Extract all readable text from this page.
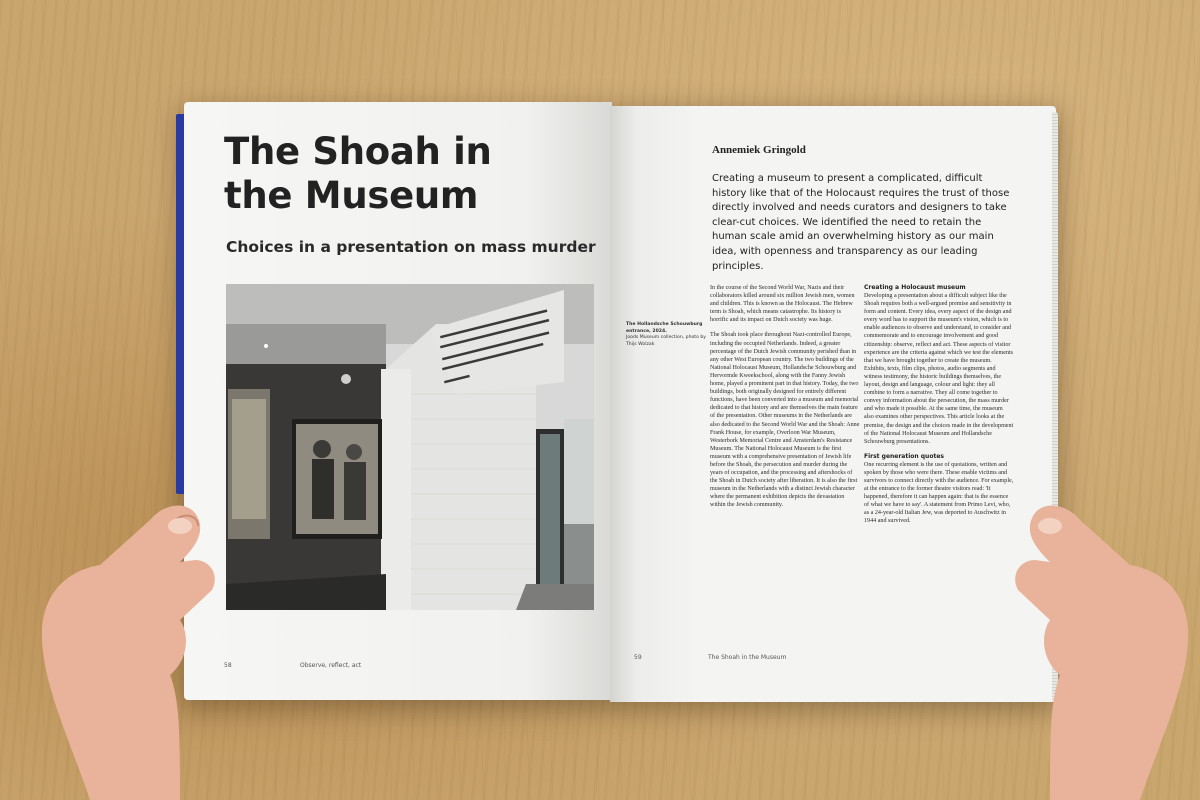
The Shoah in
the Museum
Choices in a presentation on mass murder
58	Observe, reflect, act
The Hollandsche Schouwburg entrance, 2024.
Joods Museum collection, photo by Thijs Wolzak
Annemiek Gringold

Creating a museum to present a complicated, difficult history like that of the Holocaust requires the trust of those directly involved and needs curators and designers to take clear-cut choices. We identified the need to retain the human scale amid an overwhelming history as our main idea, with openness and transparency as our leading principles.

In the course of the Second World War, Nazis and their collaborators killed around six million Jewish men, women and children. This is known as the Holocaust. The Hebrew term is Shoah, which means catastrophe. Its history is horrific and its impact on Dutch society was huge.

The Shoah took place throughout Nazi-controlled Europe, including the occupied Netherlands. Indeed, a greater percentage of the Dutch Jewish community perished than in any other West European country. The two buildings of the National Holocaust Museum, Hollandsche Schouwburg and Hervormde Kweekschool, along with the Fanny Jewish home, played a prominent part in that history. Today, the two buildings, both originally designed for entirely different functions, have been converted into a museum and memorial dedicated to that history and are themselves the main feature of the presentation. Other museums in the Netherlands are also dedicated to the Second World War and the Shoah: Anne Frank House, for example, Overloon War Museum, Westerbork Memorial Centre and Amsterdam's Resistance Museum. The National Holocaust Museum is the first museum with a comprehensive presentation of Jewish life before the Shoah, the persecution and murder during the years of occupation, and the processing and aftershocks of the Shoah in Dutch society after liberation. It is also the first museum in the Netherlands with a distinct Jewish character where the permanent exhibition depicts the devastation within the Jewish community.

Creating a Holocaust museum

Developing a presentation about a difficult subject like the Shoah requires both a well-argued premise and sensitivity in form and content. Every idea, every aspect of the design and every word has to support the museum's vision, which is to enable audiences to observe and understand, to consider and commemorate and to encourage involvement and good citizenship: observe, reflect and act. These aspects of visitor experience are the criteria against which we test the elements that we have brought together to create the museum. Exhibits, texts, film clips, photos, audio segments and witness testimony, the historic buildings themselves, the layout, design and language, colour and light: they all combine to form a narrative. They all come together to convey information about the persecution, the mass murder and who made it possible. At the same time, the museum also examines other perspectives. This article looks at the premise, the design and the choices made in the development of the National Holocaust Museum and Hollandsche Schouwburg presentations.

First generation quotes

One recurring element is the use of quotations, written and spoken by those who were there. These enable victims and survivors to connect directly with the audience. For example, at the entrance to the former theatre visitors read: 'It happened, therefore it can happen again: that is the essence of what we have to say'. A statement from Primo Levi, who, as a 24-year-old Italian Jew, was deported to Auschwitz in 1944 and survived.

59	The Shoah in the Museum
